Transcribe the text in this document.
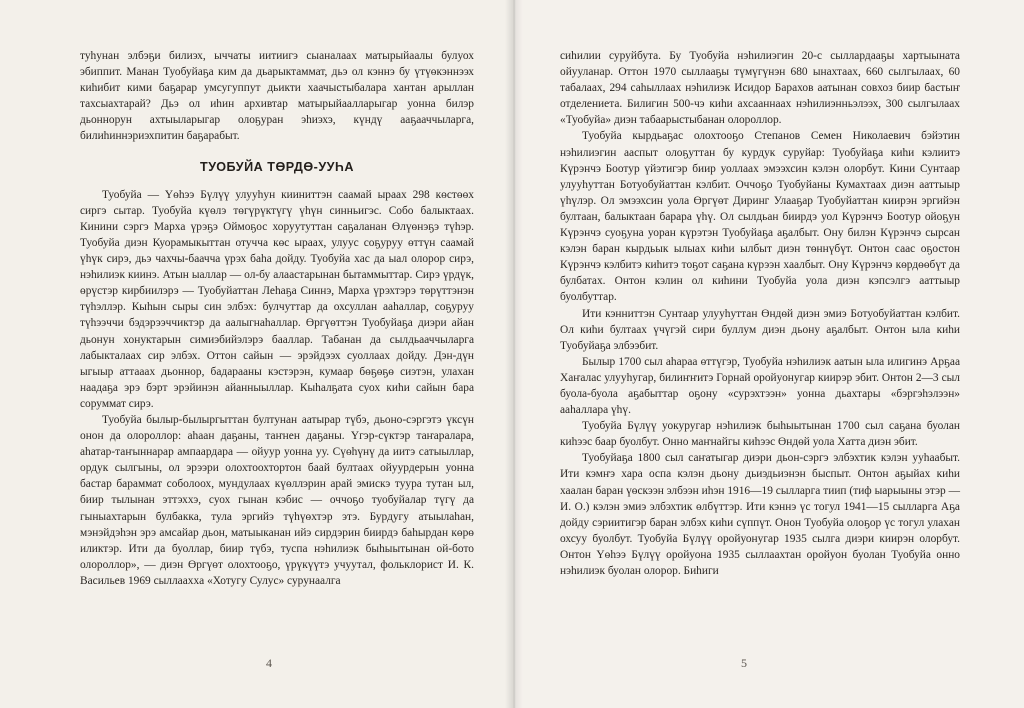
туһунан элбэҕи билиэх, ыччаты иитиигэ сыаналаах матырыйаалы булуох эбиппит. Манан Туобуйаҕа ким да дьарыктаммат, дьэ ол кэннэ бу үтүөкэннээх киһибит кими баҕарар умсугуппут дьикти хаачыстыбалара хантан арыллан тахсыахтарай? Дьэ ол иһин архивтар матырыйаалларыгар уонна билэр дьоннорун ахтыыларыгар олоҕуран эһиэхэ, күндү ааҕааччыларга, билиһиннэриэхпитин баҕарабыт.

ТУОБУЙА ТӨРДӨ-УУҺА

Туобуйа — Үөһээ Бүлүү улууһун кииниттэн саамай ыраах 298 көстөөх сиргэ сытар. Туобуйа күөлэ төгүрүктүгү үһүн синньигэс. Собо балыктаах. Кинини сэргэ Марха үрэҕэ Оймоҕос хоруутуттан саҕаланан Өлүөнэҕэ түһэр. Туобуйа диэн Куорамыкыттан отучча көс ыраах, улуус соҕуруу өттүн саамай үһүк сирэ, дьэ чахчы-баачча үрэх баһа дойду. Туобуйа хас да ыал олорор сирэ, нэһилиэк киинэ. Атын ыаллар — ол-бу алаастарынан бытаммыттар. Сирэ үрдүк, өрүстэр кирбиилэрэ — Туобуйаттан Леhаҕа Синнэ, Марха үрэхтэрэ төрүттэнэн түһэллэр. Кыһын сыры син элбэх: булчуттар да охсуллан ааһаллар, соҕуруу түһээччи бэдэрээччиктэр да аалыгнаһаллар. Өргүөттэн Туобуйаҕа диэри айан дьонун хонуктарын симиэбийэлэрэ бааллар. Табанан да сылдьааччыларга лабыкталаах сир элбэх. Оттон сайын — эрэйдээх суоллаах дойду. Дэн-дүн ыгыыр аттааах дьоннор, бадарааны кэстэрэн, кумаар бөҕөҕө сиэтэн, улахан наадаҕа эрэ бэрт эрэйинэн айанныыллар. Кыһалҕата суох киһи сайын бара соруммат сирэ.

Туобуйа былыр-былыргыттан бултунан аатырар түбэ, дьоно-сэргэтэ үксүн онон да олороллор: аһаан даҕаны, таҥнен даҕаны. Үгэр-сүктэр таҥаралара, аһатар-таҥыннарар ампаардара — ойуур уонна уу. Сүөһүнү да иитэ сатыыллар, ордук сылгыны, ол эрээри олохтоохтортон баай бултаах ойуурдерын уонна бастар бараммат соболоох, мундулаах күөллэрин арай эмискэ тууpa тутан ыл, биир тылынан эттэххэ, суох гынан кэбис — оччоҕо туобуйалар түгү да гыныахтарын булбакка, тула эргийэ түһүөхтэр этэ. Бурдугу атыылаһан, мэнэйдэһэн эрэ амсайар дьон, матыыканан ийэ сирдэрин биирдэ баһырдан көрө иликтэр. Ити да буоллар, биир түбэ, туспа нэһилиэк быһыытынан ой-бото олороллор», — диэн Өргүөт олохтооҕо, үрүкүүтэ учуутал, фольклорист И. К. Васильев 1969 сыллааххa «Хотугу Сулус» сурунаалга

4

сиһилии суруйбута. Бу Туобуйа нэһилиэгин 20-с сыллардааҕы хартыыната ойууланар. Оттон 1970 сыллааҕы түмүгүнэн 680 ынахтаах, 660 сылгылаах, 60 табалаах, 294 саһыллаах нэһилиэк Исидор Барахов аатынан совхоз биир бастыҥ отделениета. Билигин 500-чэ киһи ахсааннаах нэһилиэнньэлээх, 300 сылгылаах «Туобуйа» диэн табаарыстыбанан олороллор.

Туобуйа кырдьаҕас олохтооҕо Степанов Семен Николаевич бэйэтин нэһилиэгин ааспыт олоҕуттан бу курдук суруйар: Туобуйаҕа киһи кэлиитэ Күрэнчэ Боотур үйэтигэр биир уоллаах эмээхсин кэлэн олорбут. Кини Сунтаар улууһуттан Ботуобуйаттан кэлбит. Оччоҕо Туобуйаны Кумахтаах диэн ааттыыр үһүлэр. Ол эмээхсин уола Өргүөт Диринг Улааҕар Туобуйаттан киирэн эргийэн бултаан, балыктаан барара үһү. Ол сылдьан биирдэ уол Күрэнчэ Боотур ойоҕун Күрэнчэ суоҕуна уоран күрэтэн Туобуйаҕа аҕалбыт. Ону билэн Күрэнчэ сырсан кэлэн баран кырдьык ылыах киһи ылбыт диэн төннүбүт. Онтон саас оҕостон Күрэнчэ кэлбитэ киһитэ тоҕот саҕана күрээн хаалбыт. Ону Күрэнчэ көрдөөбүт да булбатах. Онтон кэлин ол киһини Туобуйа уола диэн кэпсэлгэ ааттыыр буолбуттар.

Ити кэнниттэн Сунтаар улууһуттан Өндөй диэн эмиэ Ботуобуйаттан кэлбит. Ол киһи бултаах үчүгэй сири буллум диэн дьону аҕалбыт. Онтон ыла киһи Туобуйаҕа элбээбит.

Былыр 1700 сыл аһараа өттүгэр, Туобуйа нэһилиэк аатын ыла илигинэ Арҕаа Хаҥалас улууһугар, билиҥҥитэ Горнай оройуонугар киирэр эбит. Онтон 2—3 сыл буола-буола аҕабыттар оҕону «сурэхтээн» уонна дьахтары «бэргэһэлээн» ааһаллара үһү.

Туобуйа Бүлүү уокуругар нэһилиэк быһыытынан 1700 сыл саҕана буолан киһээс баар буолбут. Онно маҥнайгы киһээс Өндөй уола Хатта диэн эбит.

Туобуйаҕа 1800 сыл саҥатыгар диэри дьон-сэргэ элбэхтик кэлэн ууһаабыт. Ити кэмҥэ хара оспа кэлэн дьону дьиэдьиэнэн быспыт. Онтон аҕыйах киһи хаалан баран үөскээн элбээн иһэн 1916—19 сылларга тиип (тиф ыарыыны этэр — И. О.) кэлэн эмиэ элбэхтик өлбүттэр. Ити кэннэ үс тогул 1941—15 сылларга Аҕа дойду сэриитигэр баран элбэх киһи сүппүт. Онон Туобуйа олоҕор үс тогул улахан охсуу буолбут. Туобуйа Бүлүү оройуонугар 1935 сылга диэри киирэн олорбут. Онтон Үөһээ Бүлүү оройуона 1935 сыллаахтан оройуон буолан Туобуйа онно нэһилиэк буолан олорор. Биһиги

5
